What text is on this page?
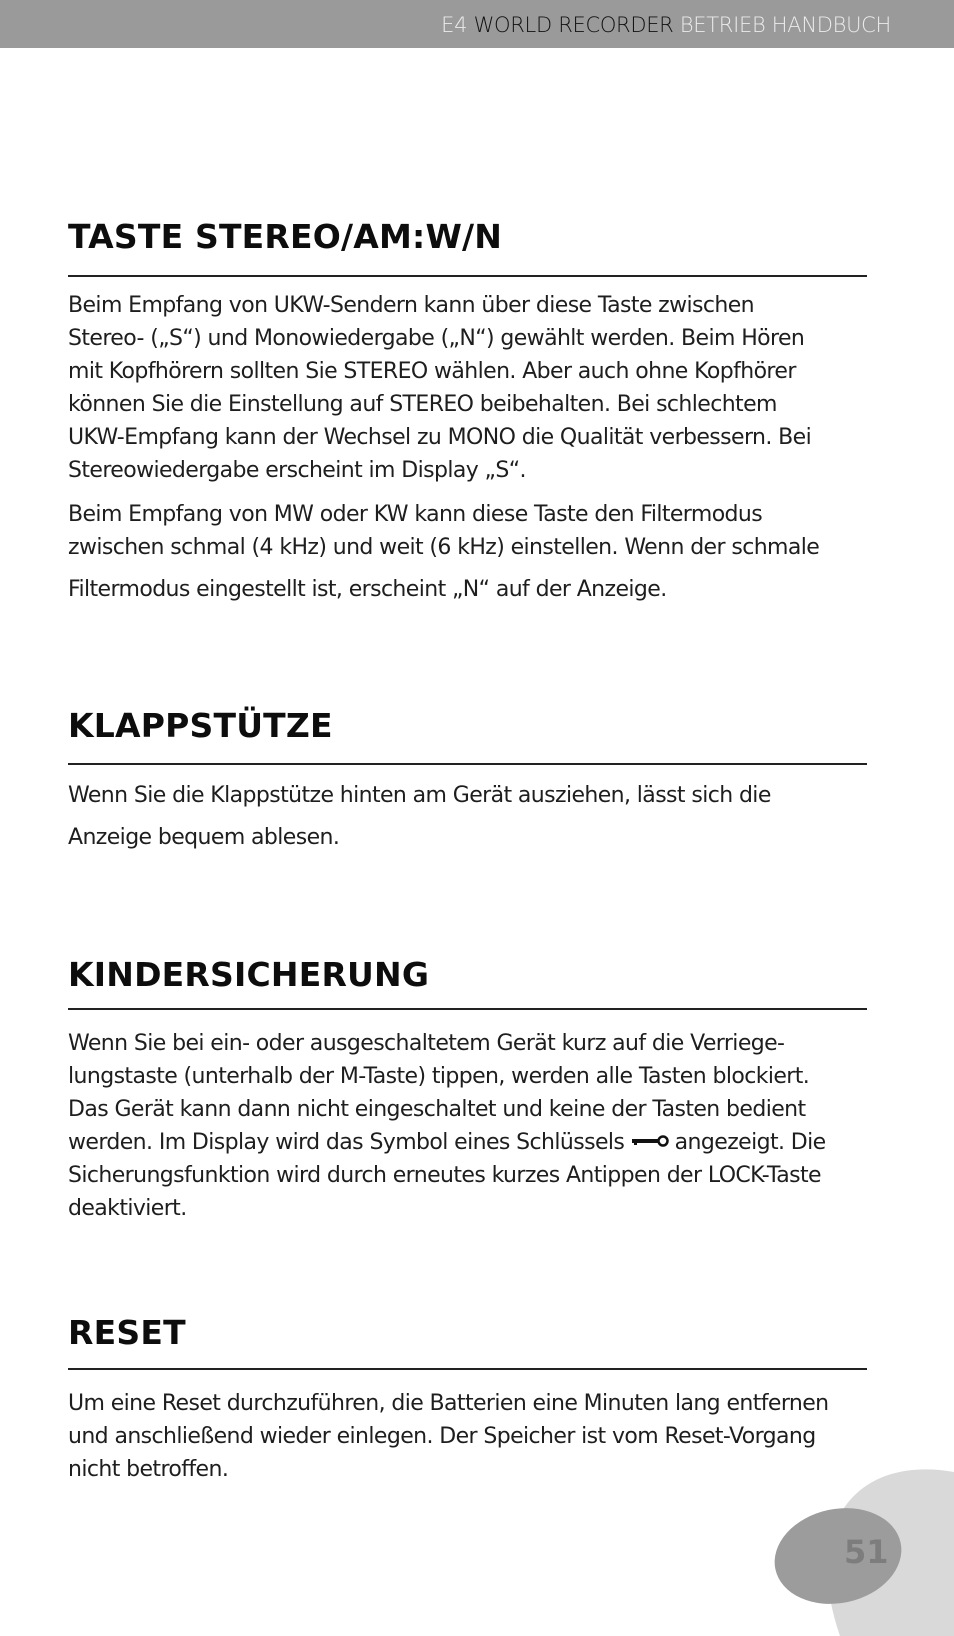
E4 WORLD RECORDER BETRIEB HANDBUCH
TASTE STEREO/AM:W/N

Beim Empfang von UKW-Sendern kann über diese Taste zwischen
Stereo- („S“) und Monowiedergabe („N“) gewählt werden. Beim Hören
mit Kopfhörern sollten Sie STEREO wählen. Aber auch ohne Kopfhörer
können Sie die Einstellung auf STEREO beibehalten. Bei schlechtem
UKW-Empfang kann der Wechsel zu MONO die Qualität verbessern. Bei
Stereowiedergabe erscheint im Display „S“.

Beim Empfang von MW oder KW kann diese Taste den Filtermodus
zwischen schmal (4 kHz) und weit (6 kHz) einstellen. Wenn der schmale
Filtermodus eingestellt ist, erscheint „N“ auf der Anzeige.

KLAPPSTÜTZE

Wenn Sie die Klappstütze hinten am Gerät ausziehen, lässt sich die
Anzeige bequem ablesen.

KINDERSICHERUNG

Wenn Sie bei ein- oder ausgeschaltetem Gerät kurz auf die Verriege-
lungstaste (unterhalb der M-Taste) tippen, werden alle Tasten blockiert.
Das Gerät kann dann nicht eingeschaltet und keine der Tasten bedient
werden. Im Display wird das Symbol eines Schlüssels angezeigt. Die
Sicherungsfunktion wird durch erneutes kurzes Antippen der LOCK-Taste
deaktiviert.

RESET

Um eine Reset durchzuführen, die Batterien eine Minuten lang entfernen
und anschließend wieder einlegen. Der Speicher ist vom Reset-Vorgang
nicht betroffen.

51
